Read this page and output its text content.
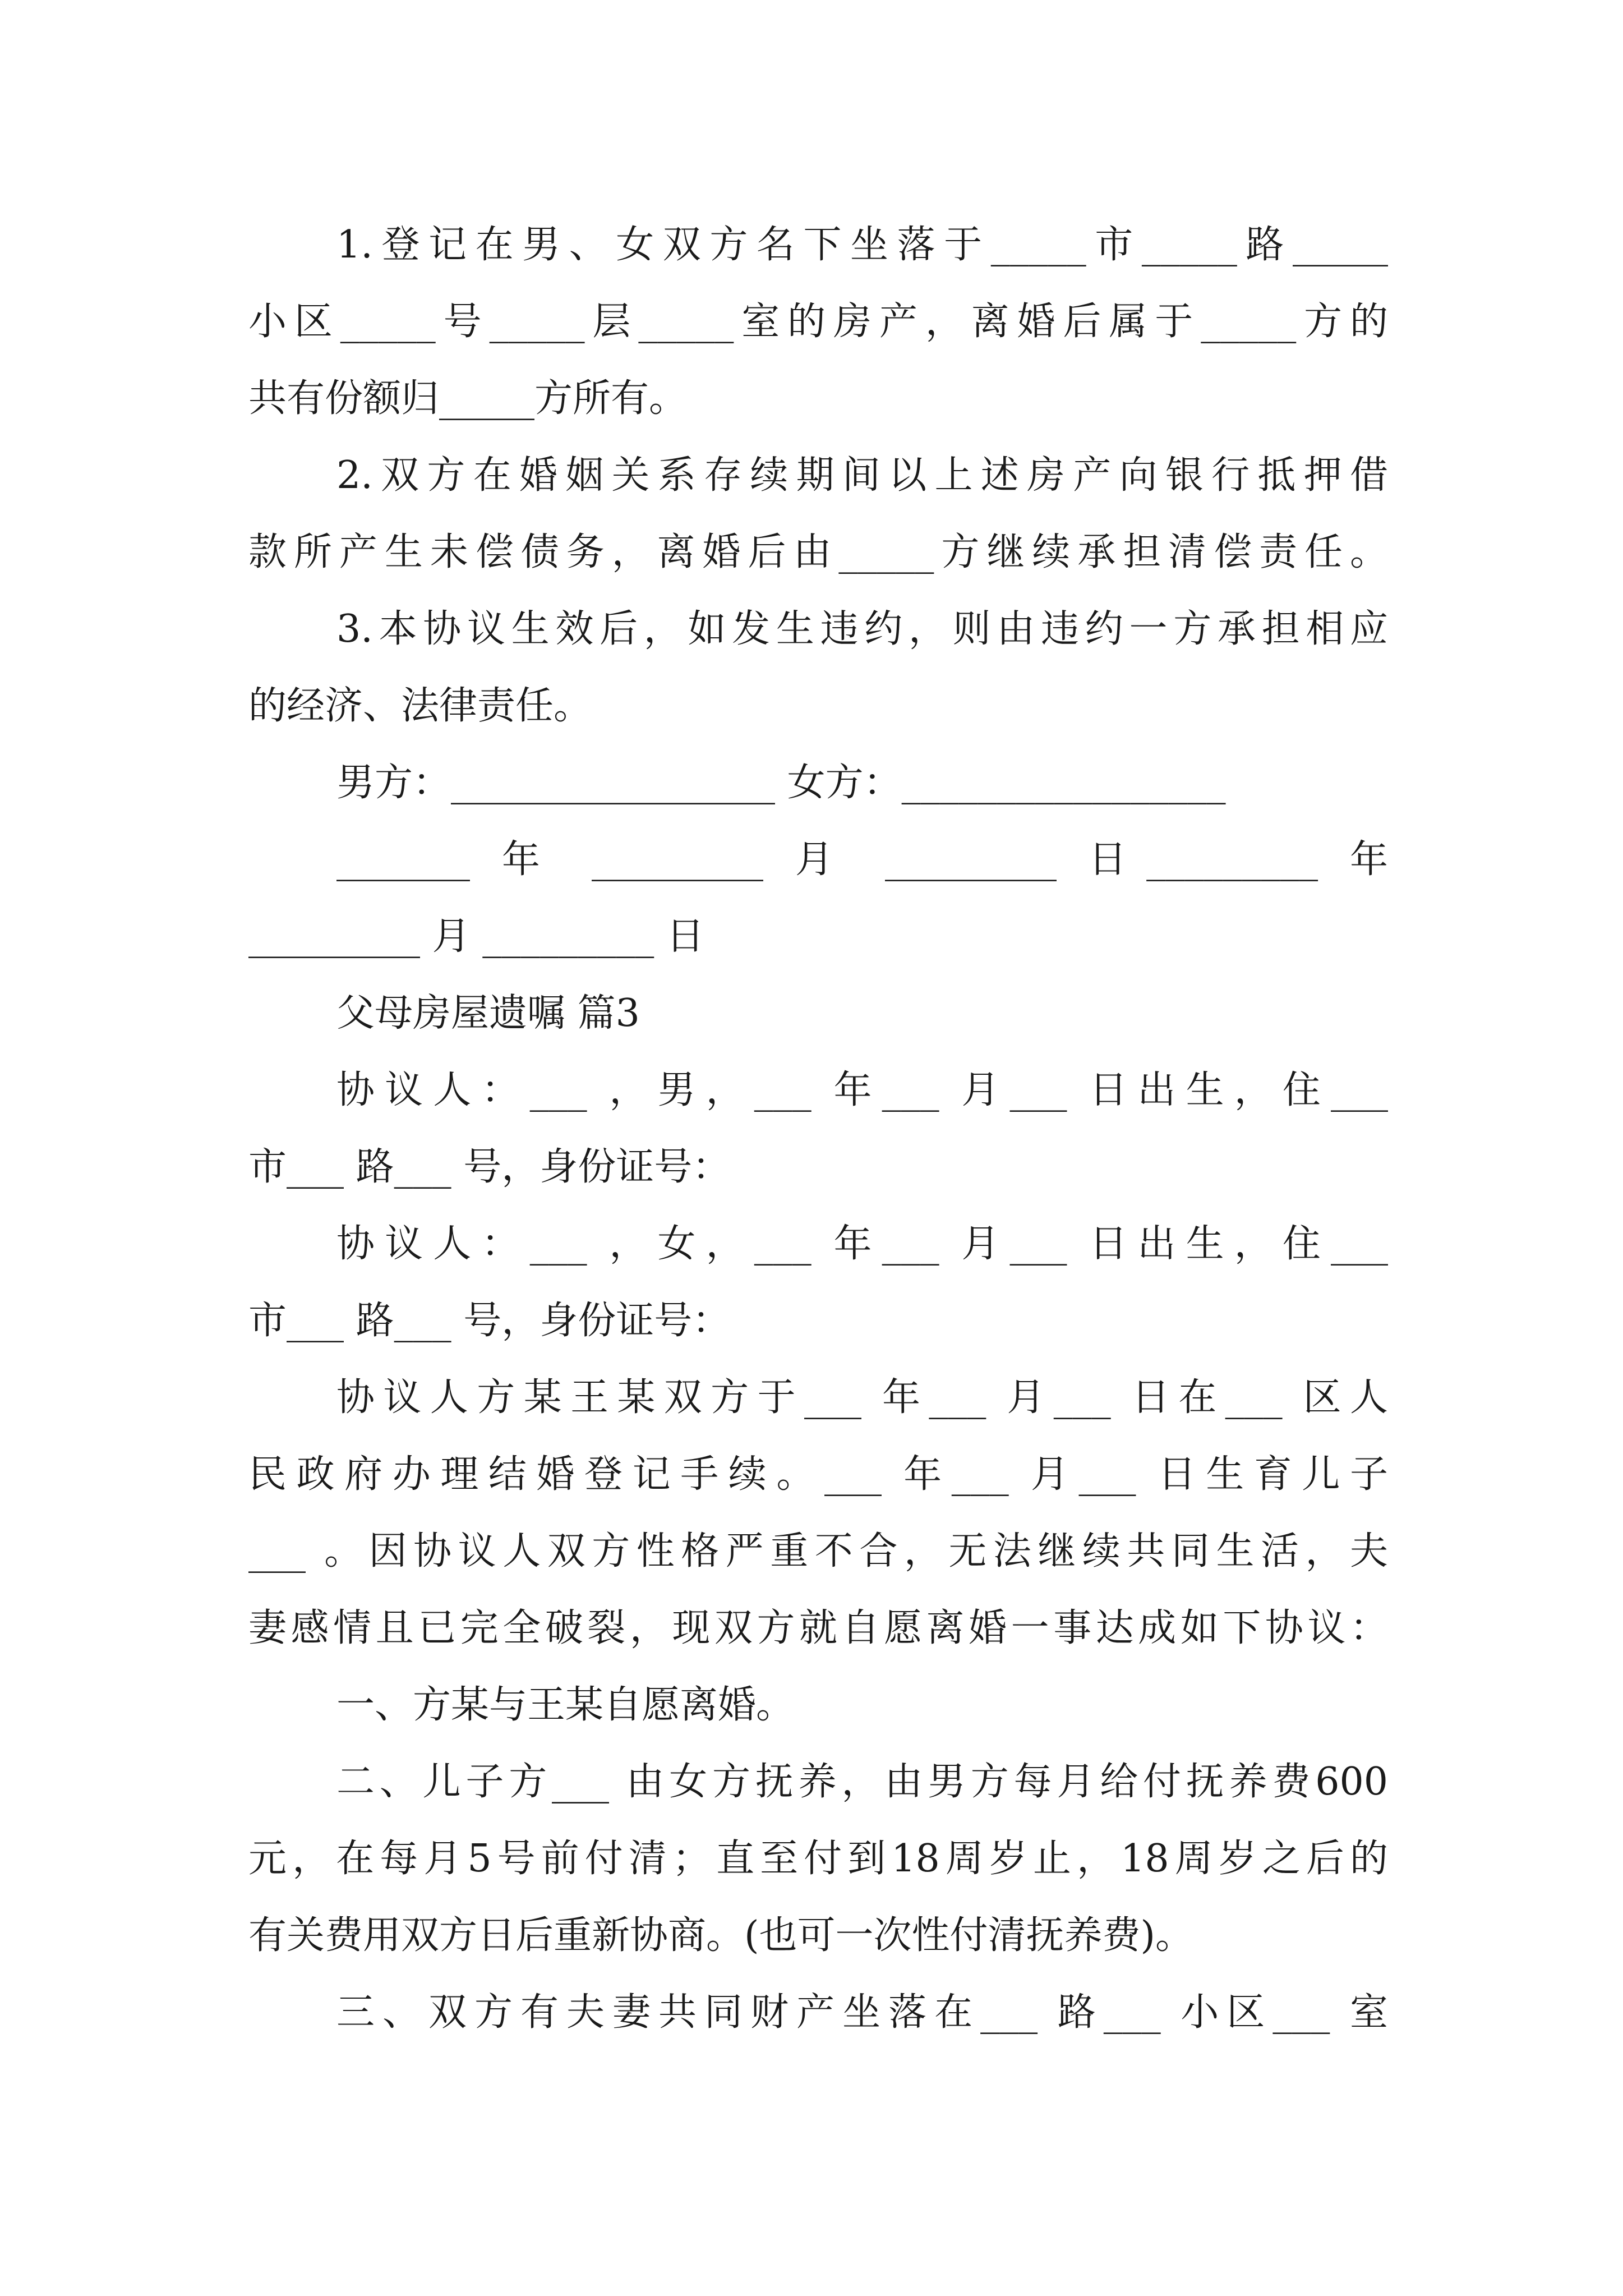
1.登记在男、女双方名下坐落于_____市_____路_____
小区_____号_____层_____室的房产，离婚后属于_____方的
共有份额归_____方所有。
2.双方在婚姻关系存续期间以上述房产向银行抵押借
款所产生未偿债务，离婚后由_____方继续承担清偿责任。
3.本协议生效后，如发生违约，则由违约一方承担相应
的经济、法律责任。
男方：_________________ 女方：_________________
_______ 年 _________ 月 _________ 日_________ 年
_________ 月 _________ 日
父母房屋遗嘱 篇3
协议人：___ ，男，___ 年___ 月___ 日出生，住___
市___ 路___ 号，身份证号：
协议人：___ ，女，___ 年___ 月___ 日出生，住___
市___ 路___ 号，身份证号：
协议人方某王某双方于___ 年___ 月___ 日在___ 区人
民政府办理结婚登记手续。___ 年___ 月___ 日生育儿子
___ 。因协议人双方性格严重不合，无法继续共同生活，夫
妻感情且已完全破裂，现双方就自愿离婚一事达成如下协议：
一、方某与王某自愿离婚。
二、儿子方___ 由女方抚养，由男方每月给付抚养费600
元，在每月5号前付清；直至付到18周岁止，18周岁之后的
有关费用双方日后重新协商。(也可一次性付清抚养费)。
三、双方有夫妻共同财产坐落在___ 路___ 小区___ 室
